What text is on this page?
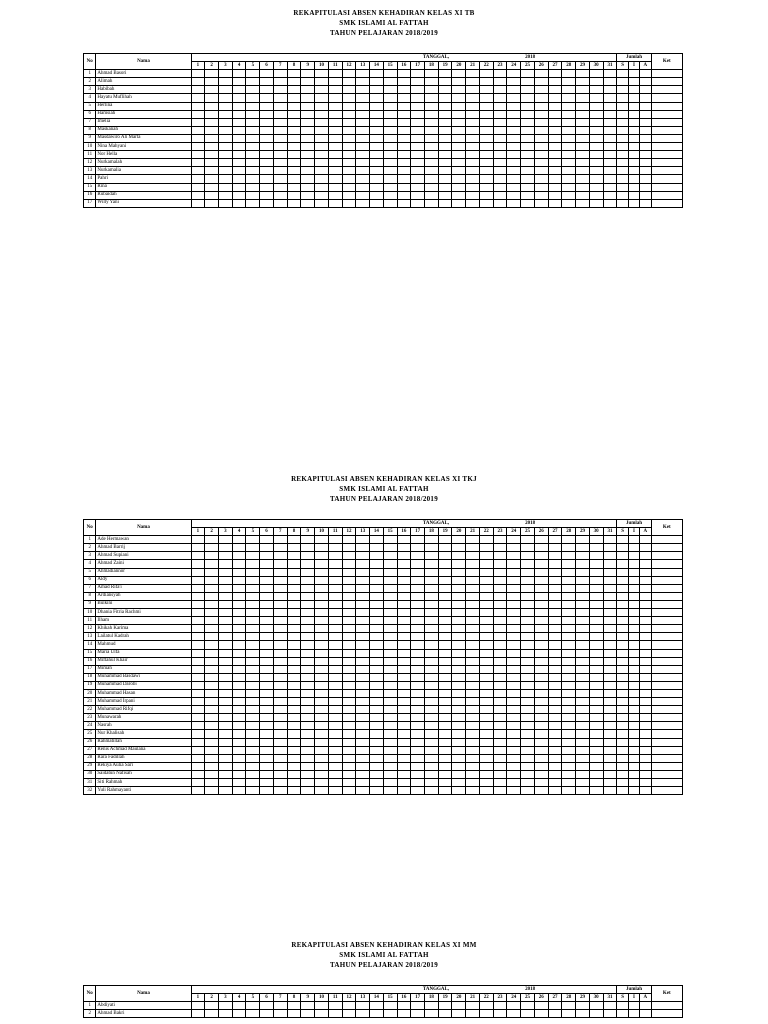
REKAPITULASI ABSEN KEHADIRAN KELAS XI TB
SMK ISLAMI AL FATTAH
TAHUN PELAJARAN 2018/2019
No	Nama	TANGGAL, 2018																															Jumlah			Ket
		1	2	3	4	5	6	7	8	9	10	11	12	13	14	15	16	17	18	19	20	21	22	23	24	25	26	27	28	29	30	31	S	I	A	
1	Ahmad Basori																																			
2	Alimah																																			
3	Habibah																																			
4	Hayatu Muflihah																																			
5	Herlina																																			
6	Hamsiah																																			
7	Imelia																																			
8	Maskanah																																			
9	Masdawiro Ali Marta																																			
10	Nina Mahyani																																			
11	Nor Hella																																			
12	Nurkamalah																																			
13	Nurkamalia																																			
14	Pahri																																			
15	Rina																																			
16	Rubaidah																																			
17	Willy Yani																																			
REKAPITULASI ABSEN KEHADIRAN KELAS XI TKJ
SMK ISLAMI AL FATTAH
TAHUN PELAJARAN 2018/2019
No	Nama	TANGGAL, 2018																															Jumlah			Ket
		1	2	3	4	5	6	7	8	9	10	11	12	13	14	15	16	17	18	19	20	21	22	23	24	25	26	27	28	29	30	31	S	I	A	
1	Ade Hermawan																																			
2	Ahmad Barrij																																			
3	Ahmad Supiani																																			
4	Ahmad Zaini																																			
5	Ahmadiannor																																			
6	Aldy																																			
7	Amad Rifa'i																																			
8	Ardiansyah																																			
9	Bulkini																																			
10	Dhania Fitria Rachmi																																			
11	Ilham																																			
12	Khikah Karima																																			
13	Lailatul Kadrah																																			
14	Mahmud																																			
15	Maria Ulfa																																			
16	Miftahul Khair																																			
17	Mimah																																			
18	Muhammad Basdawi																																			
19	Muhammad Darobi																																			
20	Muhammad Hasan																																			
21	Muhammad Irpani																																			
22	Muhammad Rifqi																																			
23	Munawarah																																			
24	Nasrah																																			
25	Nur Khalisah																																			
26	Rahmatillah																																			
27	Renis Achmad Maulana																																			
28	Rara Fadillah																																			
29	Rekiya Aulia Sari																																			
30	Saidatun Nafisah																																			
31	Siti Rahmah																																			
32	Yuli Rahmayanti																																			
REKAPITULASI ABSEN KEHADIRAN KELAS XI MM
SMK ISLAMI AL FATTAH
TAHUN PELAJARAN 2018/2019
No	Nama	TANGGAL, 2018																															Jumlah			Ket
		1	2	3	4	5	6	7	8	9	10	11	12	13	14	15	16	17	18	19	20	21	22	23	24	25	26	27	28	29	30	31	S	I	A	
1	Abdiyati																																			
2	Ahmad Bakri																																			
